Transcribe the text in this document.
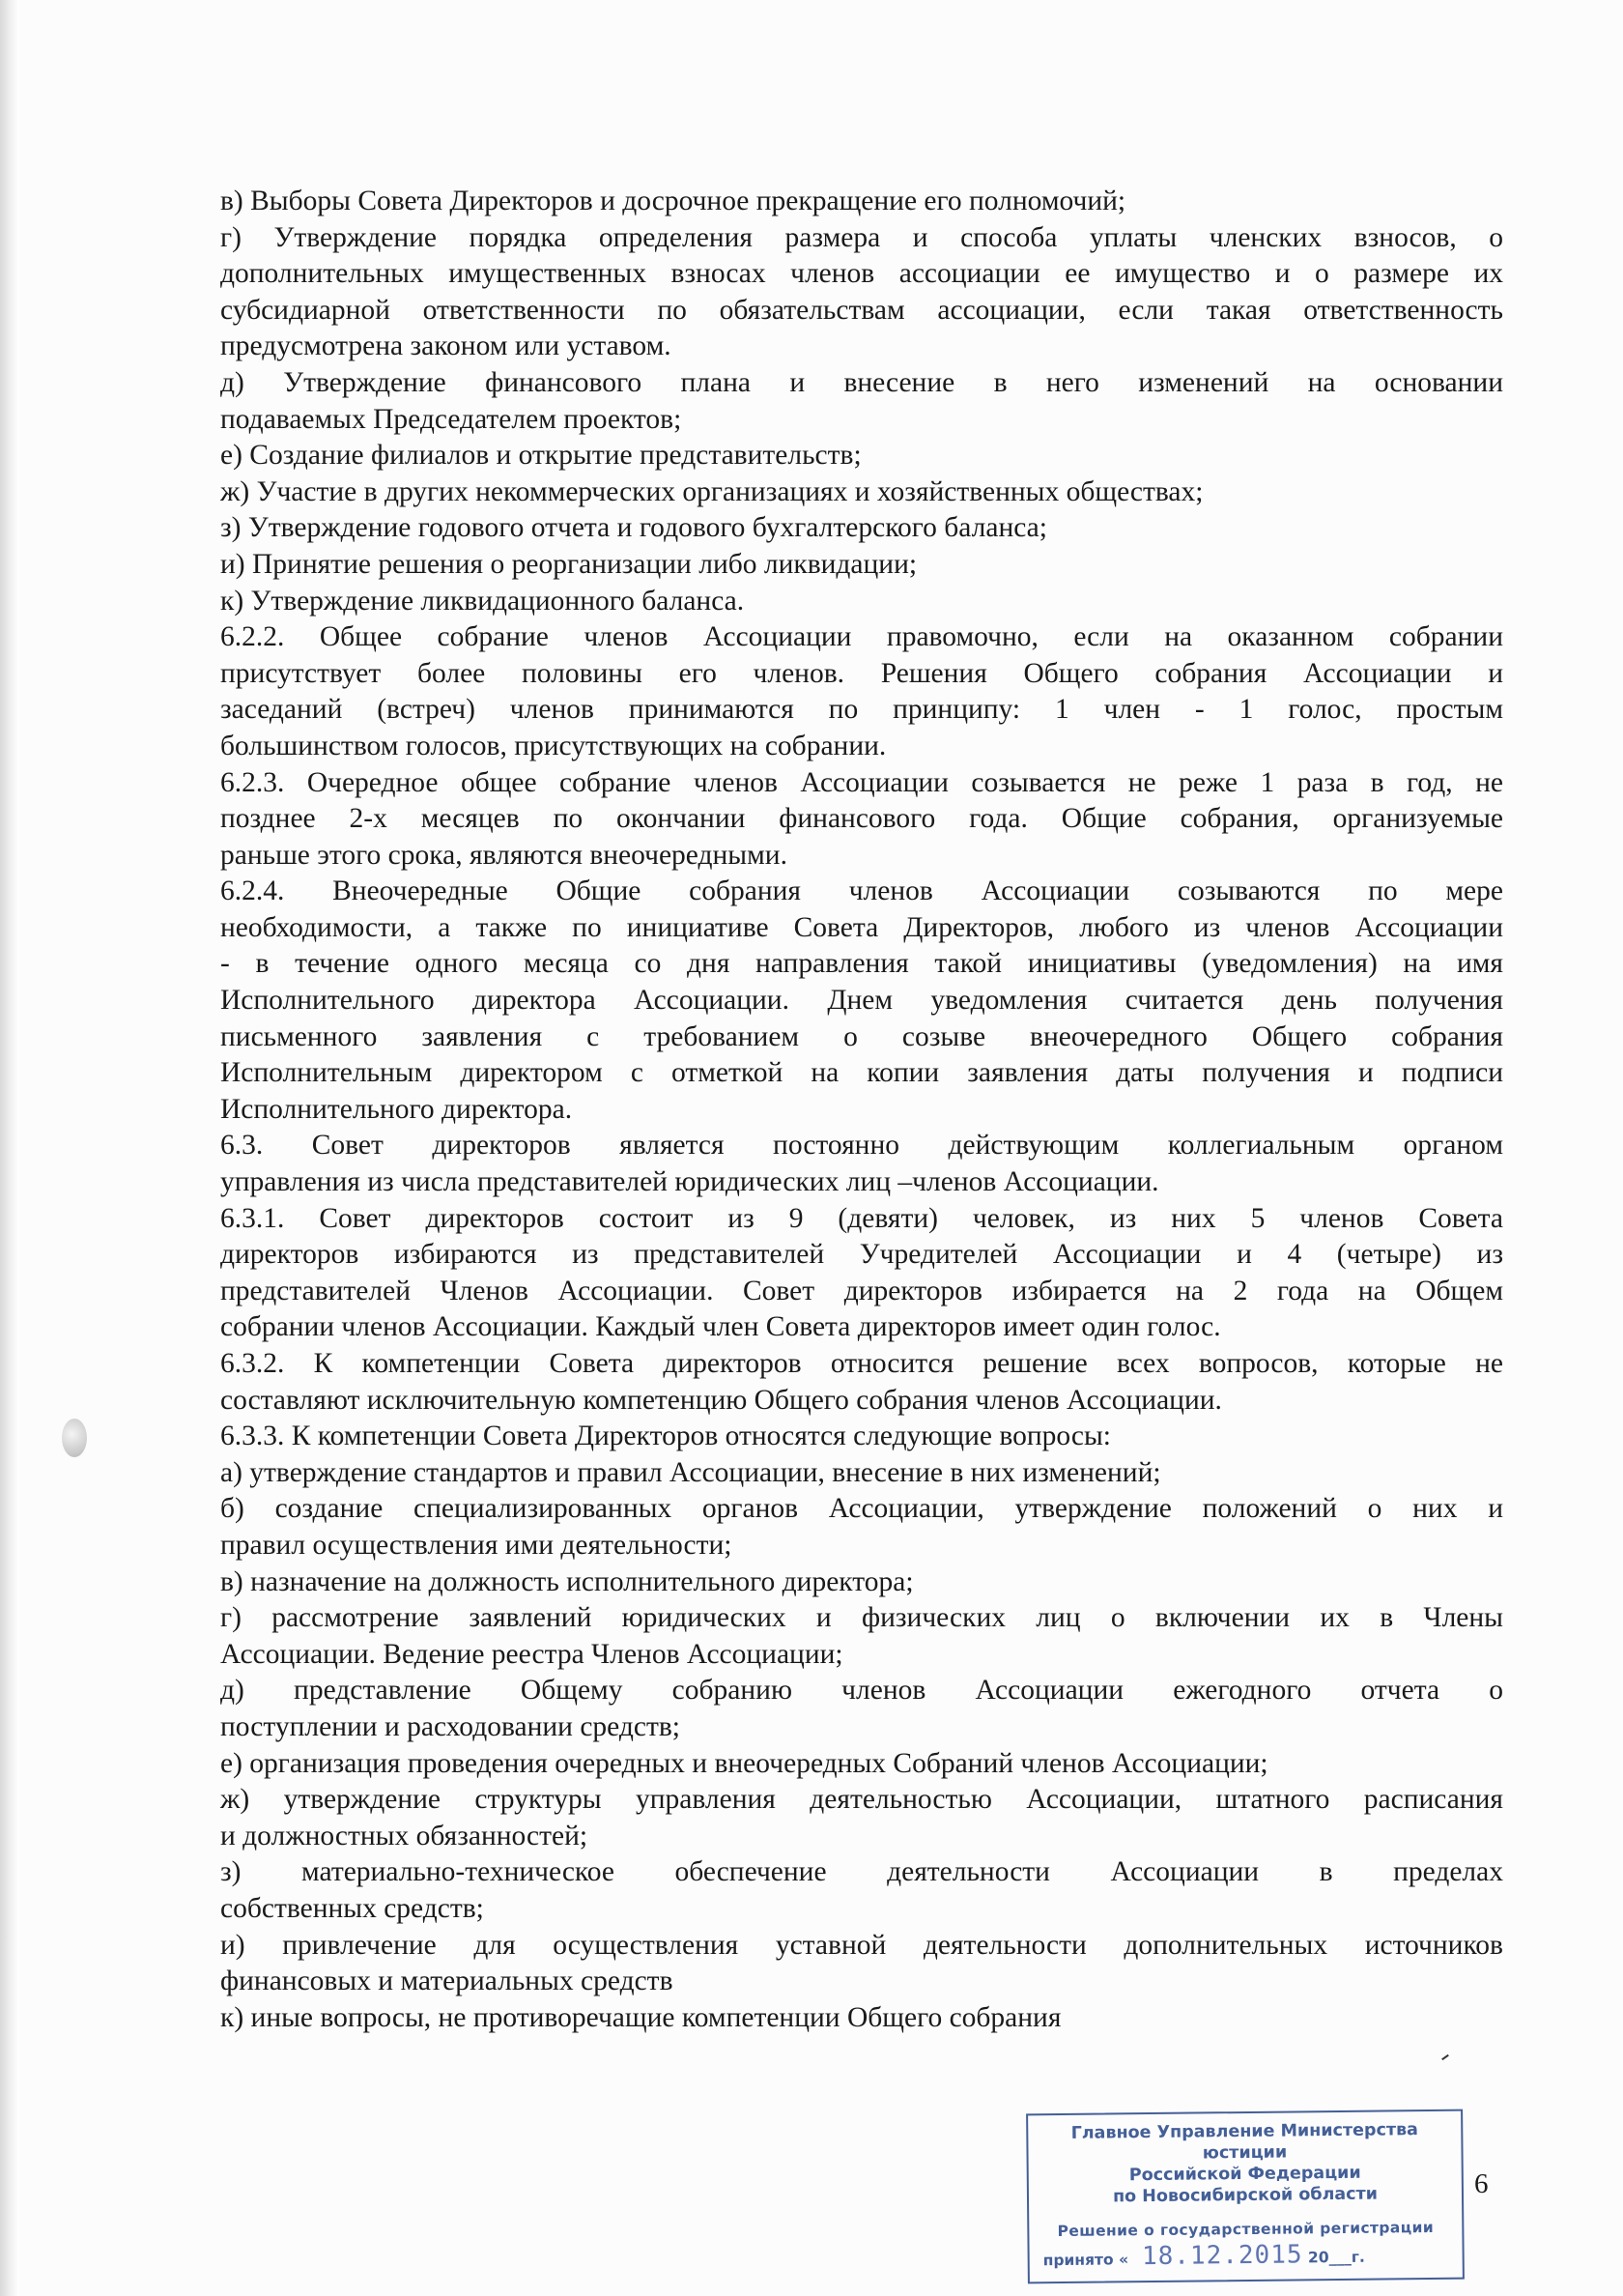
в) Выборы Совета Директоров и досрочное прекращение его полномочий;
г) Утверждение порядка определения размера и способа уплаты членских взносов, о
дополнительных имущественных взносах членов ассоциации ее имущество и о размере их
субсидиарной ответственности по обязательствам ассоциации, если такая ответственность
предусмотрена законом или уставом.
д) Утверждение финансового плана и внесение в него изменений на основании
подаваемых Председателем проектов;
е) Создание филиалов и открытие представительств;
ж) Участие в других некоммерческих организациях и хозяйственных обществах;
з) Утверждение годового отчета и годового бухгалтерского баланса;
и) Принятие решения о реорганизации либо ликвидации;
к) Утверждение ликвидационного баланса.
6.2.2. Общее собрание членов Ассоциации правомочно, если на оказанном собрании
присутствует более половины его членов. Решения Общего собрания Ассоциации и
заседаний (встреч) членов принимаются по принципу: 1 член - 1 голос, простым
большинством голосов, присутствующих на собрании.
6.2.3. Очередное общее собрание членов Ассоциации созывается не реже 1 раза в год, не
позднее 2-х месяцев по окончании финансового года. Общие собрания, организуемые
раньше этого срока, являются внеочередными.
6.2.4. Внеочередные Общие собрания членов Ассоциации созываются по мере
необходимости, а также по инициативе Совета Директоров, любого из членов Ассоциации
- в течение одного месяца со дня направления такой инициативы (уведомления) на имя
Исполнительного директора Ассоциации. Днем уведомления считается день получения
письменного заявления с требованием о созыве внеочередного Общего собрания
Исполнительным директором с отметкой на копии заявления даты получения и подписи
Исполнительного директора.
6.3. Совет директоров является постоянно действующим коллегиальным органом
управления из числа представителей юридических лиц –членов Ассоциации.
6.3.1. Совет директоров состоит из 9 (девяти) человек, из них 5 членов Совета
директоров избираются из представителей Учредителей Ассоциации и 4 (четыре) из
представителей Членов Ассоциации. Совет директоров избирается на 2 года на Общем
собрании членов Ассоциации. Каждый член Совета директоров имеет один голос.
6.3.2. К компетенции Совета директоров относится решение всех вопросов, которые не
составляют исключительную компетенцию Общего собрания членов Ассоциации.
6.3.3. К компетенции Совета Директоров относятся следующие вопросы:
а) утверждение стандартов и правил Ассоциации, внесение в них изменений;
б) создание специализированных органов Ассоциации, утверждение положений о них и
правил осуществления ими деятельности;
в) назначение на должность исполнительного директора;
г) рассмотрение заявлений юридических и физических лиц о включении их в Члены
Ассоциации. Ведение реестра Членов Ассоциации;
д) представление Общему собранию членов Ассоциации ежегодного отчета о
поступлении и расходовании средств;
е) организация проведения очередных и внеочередных Собраний членов Ассоциации;
ж) утверждение структуры управления деятельностью Ассоциации, штатного расписания
и должностных обязанностей;
з) материально-техническое обеспечение деятельности Ассоциации в пределах
собственных средств;
и) привлечение для осуществления уставной деятельности дополнительных источников
финансовых и материальных средств
к) иные вопросы, не противоречащие компетенции Общего собрания
6
Главное Управление Министерства юстиции
Российской Федерации
по Новосибирской области
Решение о государственной регистрации
принято « 18.12.2015 20___г.
